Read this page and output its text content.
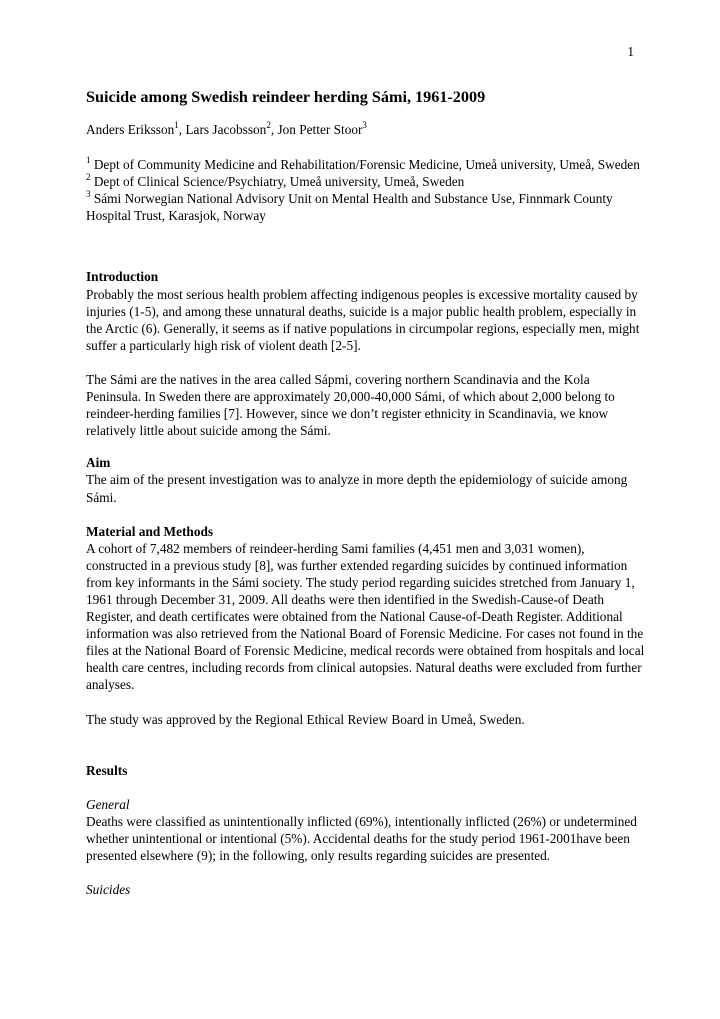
1
Suicide among Swedish reindeer herding Sámi, 1961-2009
Anders Eriksson$^1$, Lars Jacobsson$^2$, Jon Petter Stoor$^3$

$^1$ Dept of Community Medicine and Rehabilitation/Forensic Medicine, Umeå university, Umeå, Sweden

$^2$ Dept of Clinical Science/Psychiatry, Umeå university, Umeå, Sweden

$^3$ Sámi Norwegian National Advisory Unit on Mental Health and Substance Use, Finnmark County Hospital Trust, Karasjok, Norway

Introduction

Probably the most serious health problem affecting indigenous peoples is excessive mortality caused by injuries (1-5), and among these unnatural deaths, suicide is a major public health problem, especially in the Arctic (6). Generally, it seems as if native populations in circumpolar regions, especially men, might suffer a particularly high risk of violent death [2-5].

The Sámi are the natives in the area called Sápmi, covering northern Scandinavia and the Kola Peninsula. In Sweden there are approximately 20,000-40,000 Sámi, of which about 2,000 belong to reindeer-herding families [7]. However, since we don’t register ethnicity in Scandinavia, we know relatively little about suicide among the Sámi.

Aim

The aim of the present investigation was to analyze in more depth the epidemiology of suicide among Sámi.

Material and Methods

A cohort of 7,482 members of reindeer-herding Sami families (4,451 men and 3,031 women), constructed in a previous study [8], was further extended regarding suicides by continued information from key informants in the Sámi society. The study period regarding suicides stretched from January 1, 1961 through December 31, 2009. All deaths were then identified in the Swedish-Cause-of Death Register, and death certificates were obtained from the National Cause-of-Death Register. Additional information was also retrieved from the National Board of Forensic Medicine. For cases not found in the files at the National Board of Forensic Medicine, medical records were obtained from hospitals and local health care centres, including records from clinical autopsies. Natural deaths were excluded from further analyses.

The study was approved by the Regional Ethical Review Board in Umeå, Sweden.

Results
General

Deaths were classified as unintentionally inflicted (69%), intentionally inflicted (26%) or undetermined whether unintentional or intentional (5%). Accidental deaths for the study period 1961-2001have been presented elsewhere (9); in the following, only results regarding suicides are presented.

Suicides
